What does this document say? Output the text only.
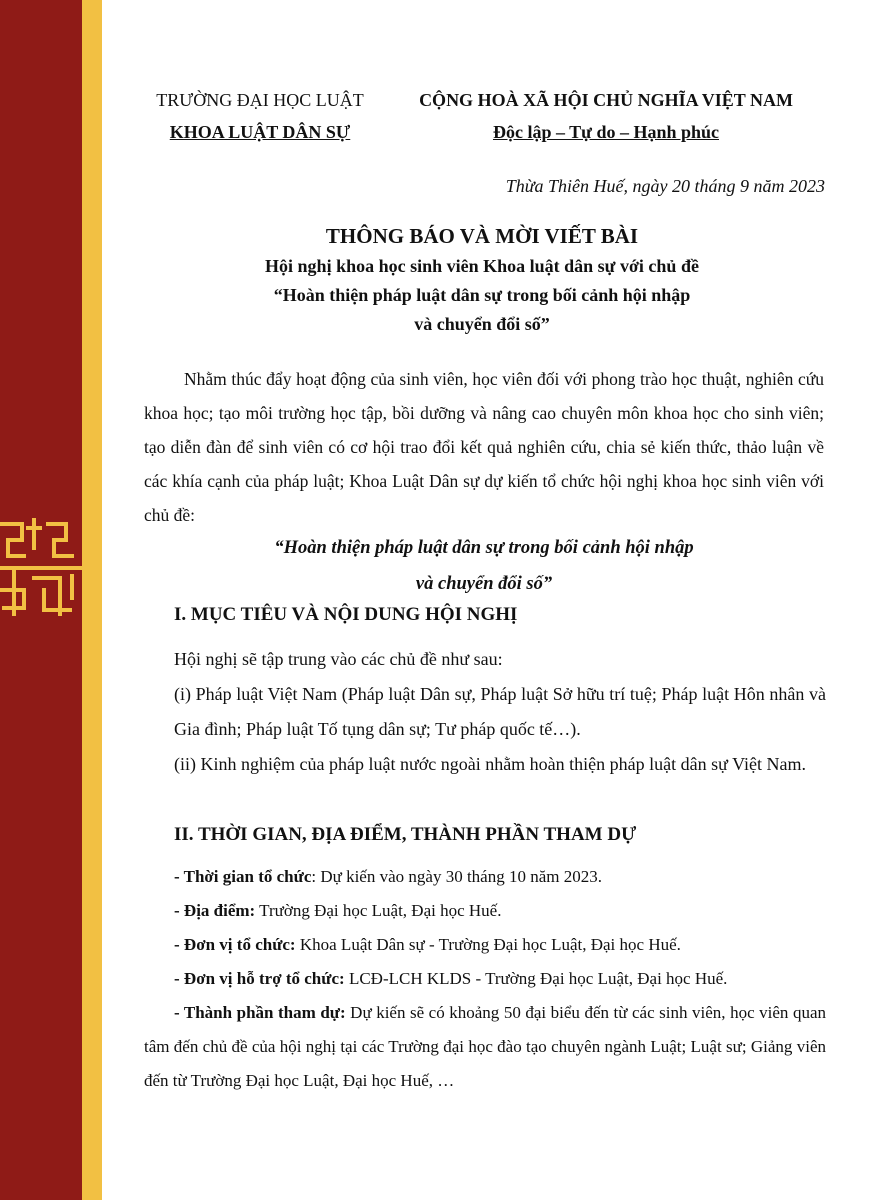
TRƯỜNG ĐẠI HỌC LUẬT
KHOA LUẬT DÂN SỰ
CỘNG HOÀ XÃ HỘI CHỦ NGHĨA VIỆT NAM
Độc lập – Tự do – Hạnh phúc
Thừa Thiên Huế, ngày 20 tháng 9 năm 2023
THÔNG BÁO VÀ MỜI VIẾT BÀI
Hội nghị khoa học sinh viên Khoa luật dân sự với chủ đề
“Hoàn thiện pháp luật dân sự trong bối cảnh hội nhập
và chuyển đổi số”
Nhằm thúc đẩy hoạt động của sinh viên, học viên đối với phong trào học thuật, nghiên cứu khoa học; tạo môi trường học tập, bồi dưỡng và nâng cao chuyên môn khoa học cho sinh viên; tạo diễn đàn để sinh viên có cơ hội trao đổi kết quả nghiên cứu, chia sẻ kiến thức, thảo luận về các khía cạnh của pháp luật; Khoa Luật Dân sự dự kiến tổ chức hội nghị khoa học sinh viên với chủ đề:
“Hoàn thiện pháp luật dân sự trong bối cảnh hội nhập
và chuyển đổi số”
I. MỤC TIÊU VÀ NỘI DUNG HỘI NGHỊ

Hội nghị sẽ tập trung vào các chủ đề như sau:

(i) Pháp luật Việt Nam (Pháp luật Dân sự, Pháp luật Sở hữu trí tuệ; Pháp luật Hôn nhân và Gia đình; Pháp luật Tố tụng dân sự; Tư pháp quốc tế…).

(ii) Kinh nghiệm của pháp luật nước ngoài nhằm hoàn thiện pháp luật dân sự Việt Nam.

II. THỜI GIAN, ĐỊA ĐIỂM, THÀNH PHẦN THAM DỰ

- Thời gian tổ chức: Dự kiến vào ngày 30 tháng 10 năm 2023.

- Địa điểm: Trường Đại học Luật, Đại học Huế.

- Đơn vị tổ chức: Khoa Luật Dân sự - Trường Đại học Luật, Đại học Huế.

- Đơn vị hỗ trợ tổ chức: LCĐ-LCH KLDS - Trường Đại học Luật, Đại học Huế.

- Thành phần tham dự: Dự kiến sẽ có khoảng 50 đại biểu đến từ các sinh viên, học viên quan tâm đến chủ đề của hội nghị tại các Trường đại học đào tạo chuyên ngành Luật; Luật sư; Giảng viên đến từ Trường Đại học Luật, Đại học Huế, …
